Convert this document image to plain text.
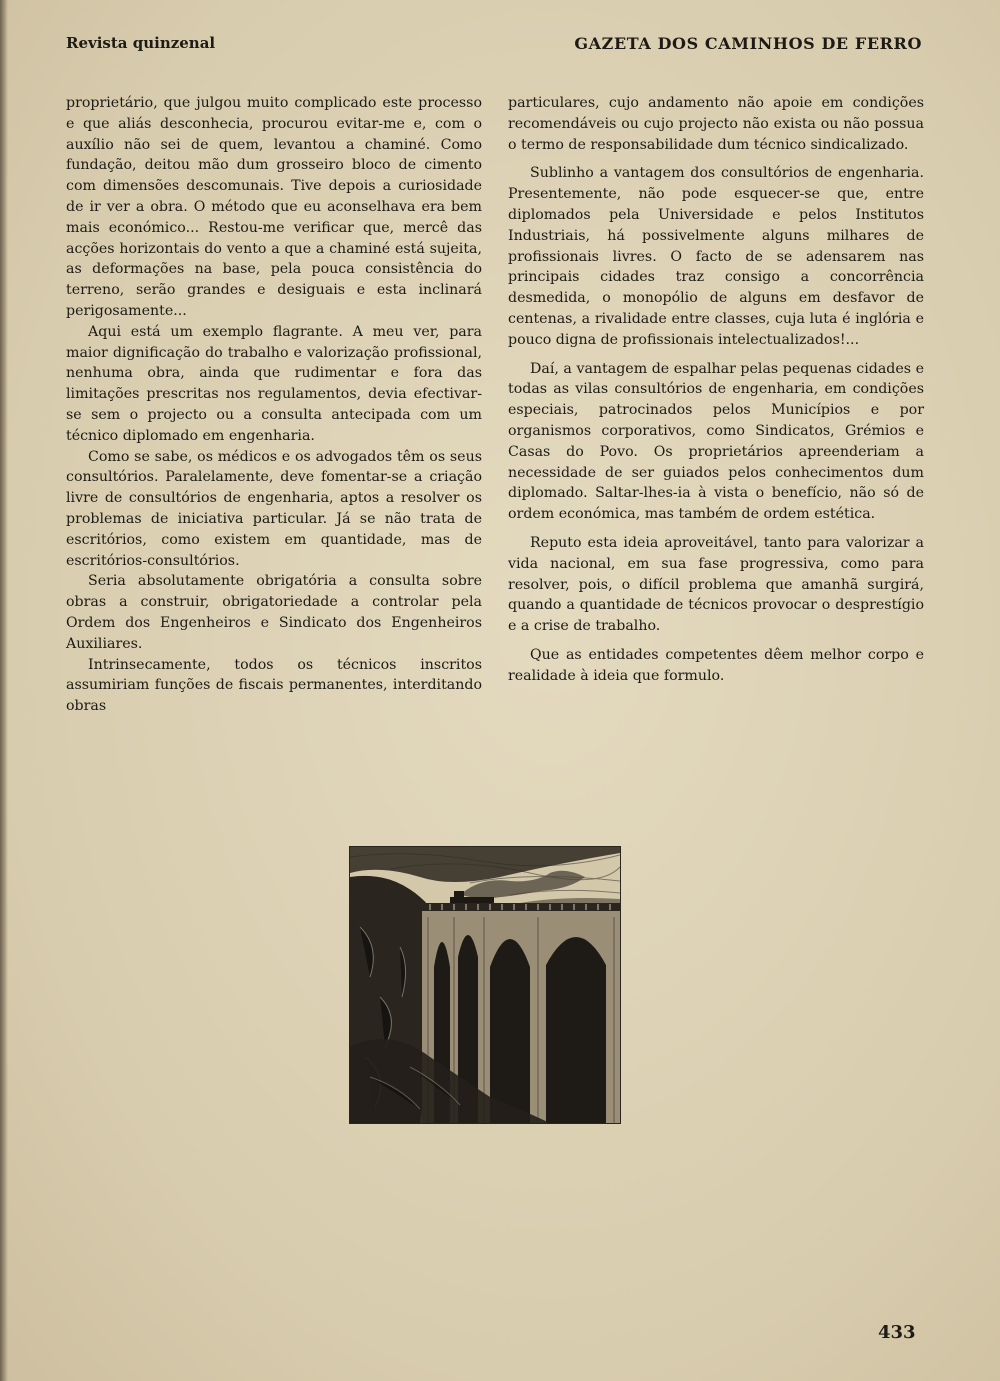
Revista quinzenal	GAZETA DOS CAMINHOS DE FERRO

proprietário, que julgou muito complicado este processo e que aliás desconhecia, procurou evitar-me e, com o auxílio não sei de quem, levantou a chaminé. Como fundação, deitou mão dum grosseiro bloco de cimento com dimensões descomunais. Tive depois a curiosidade de ir ver a obra. O método que eu aconselhava era bem mais económico... Restou-me verificar que, mercê das acções horizontais do vento a que a chaminé está sujeita, as deformações na base, pela pouca consistência do terreno, serão grandes e desiguais e esta inclinará perigosamente...

Aqui está um exemplo flagrante. A meu ver, para maior dignificação do trabalho e valorização profissional, nenhuma obra, ainda que rudimentar e fora das limitações prescritas nos regulamentos, devia efectivar-se sem o projecto ou a consulta antecipada com um técnico diplomado em engenharia.

Como se sabe, os médicos e os advogados têm os seus consultórios. Paralelamente, deve fomentar-se a criação livre de consultórios de engenharia, aptos a resolver os problemas de iniciativa particular. Já se não trata de escritórios, como existem em quantidade, mas de escritórios-consultórios.

Seria absolutamente obrigatória a consulta sobre obras a construir, obrigatoriedade a controlar pela Ordem dos Engenheiros e Sindicato dos Engenheiros Auxiliares.

Intrinsecamente, todos os técnicos inscritos assumiriam funções de fiscais permanentes, interditando obras

particulares, cujo andamento não apoie em condições recomendáveis ou cujo projecto não exista ou não possua o termo de responsabilidade dum técnico sindicalizado.

Sublinho a vantagem dos consultórios de engenharia. Presentemente, não pode esquecer-se que, entre diplomados pela Universidade e pelos Institutos Industriais, há possivelmente alguns milhares de profissionais livres. O facto de se adensarem nas principais cidades traz consigo a concorrência desmedida, o monopólio de alguns em desfavor de centenas, a rivalidade entre classes, cuja luta é inglória e pouco digna de profissionais intelectualizados!...

Daí, a vantagem de espalhar pelas pequenas cidades e todas as vilas consultórios de engenharia, em condições especiais, patrocinados pelos Municípios e por organismos corporativos, como Sindicatos, Grémios e Casas do Povo. Os proprietários apreenderiam a necessidade de ser guiados pelos conhecimentos dum diplomado. Saltar-lhes-ia à vista o benefício, não só de ordem económica, mas também de ordem estética.

Reputo esta ideia aproveitável, tanto para valorizar a vida nacional, em sua fase progressiva, como para resolver, pois, o difícil problema que amanhã surgirá, quando a quantidade de técnicos provocar o desprestígio e a crise de trabalho.

Que as entidades competentes dêem melhor corpo e realidade à ideia que formulo.

433
